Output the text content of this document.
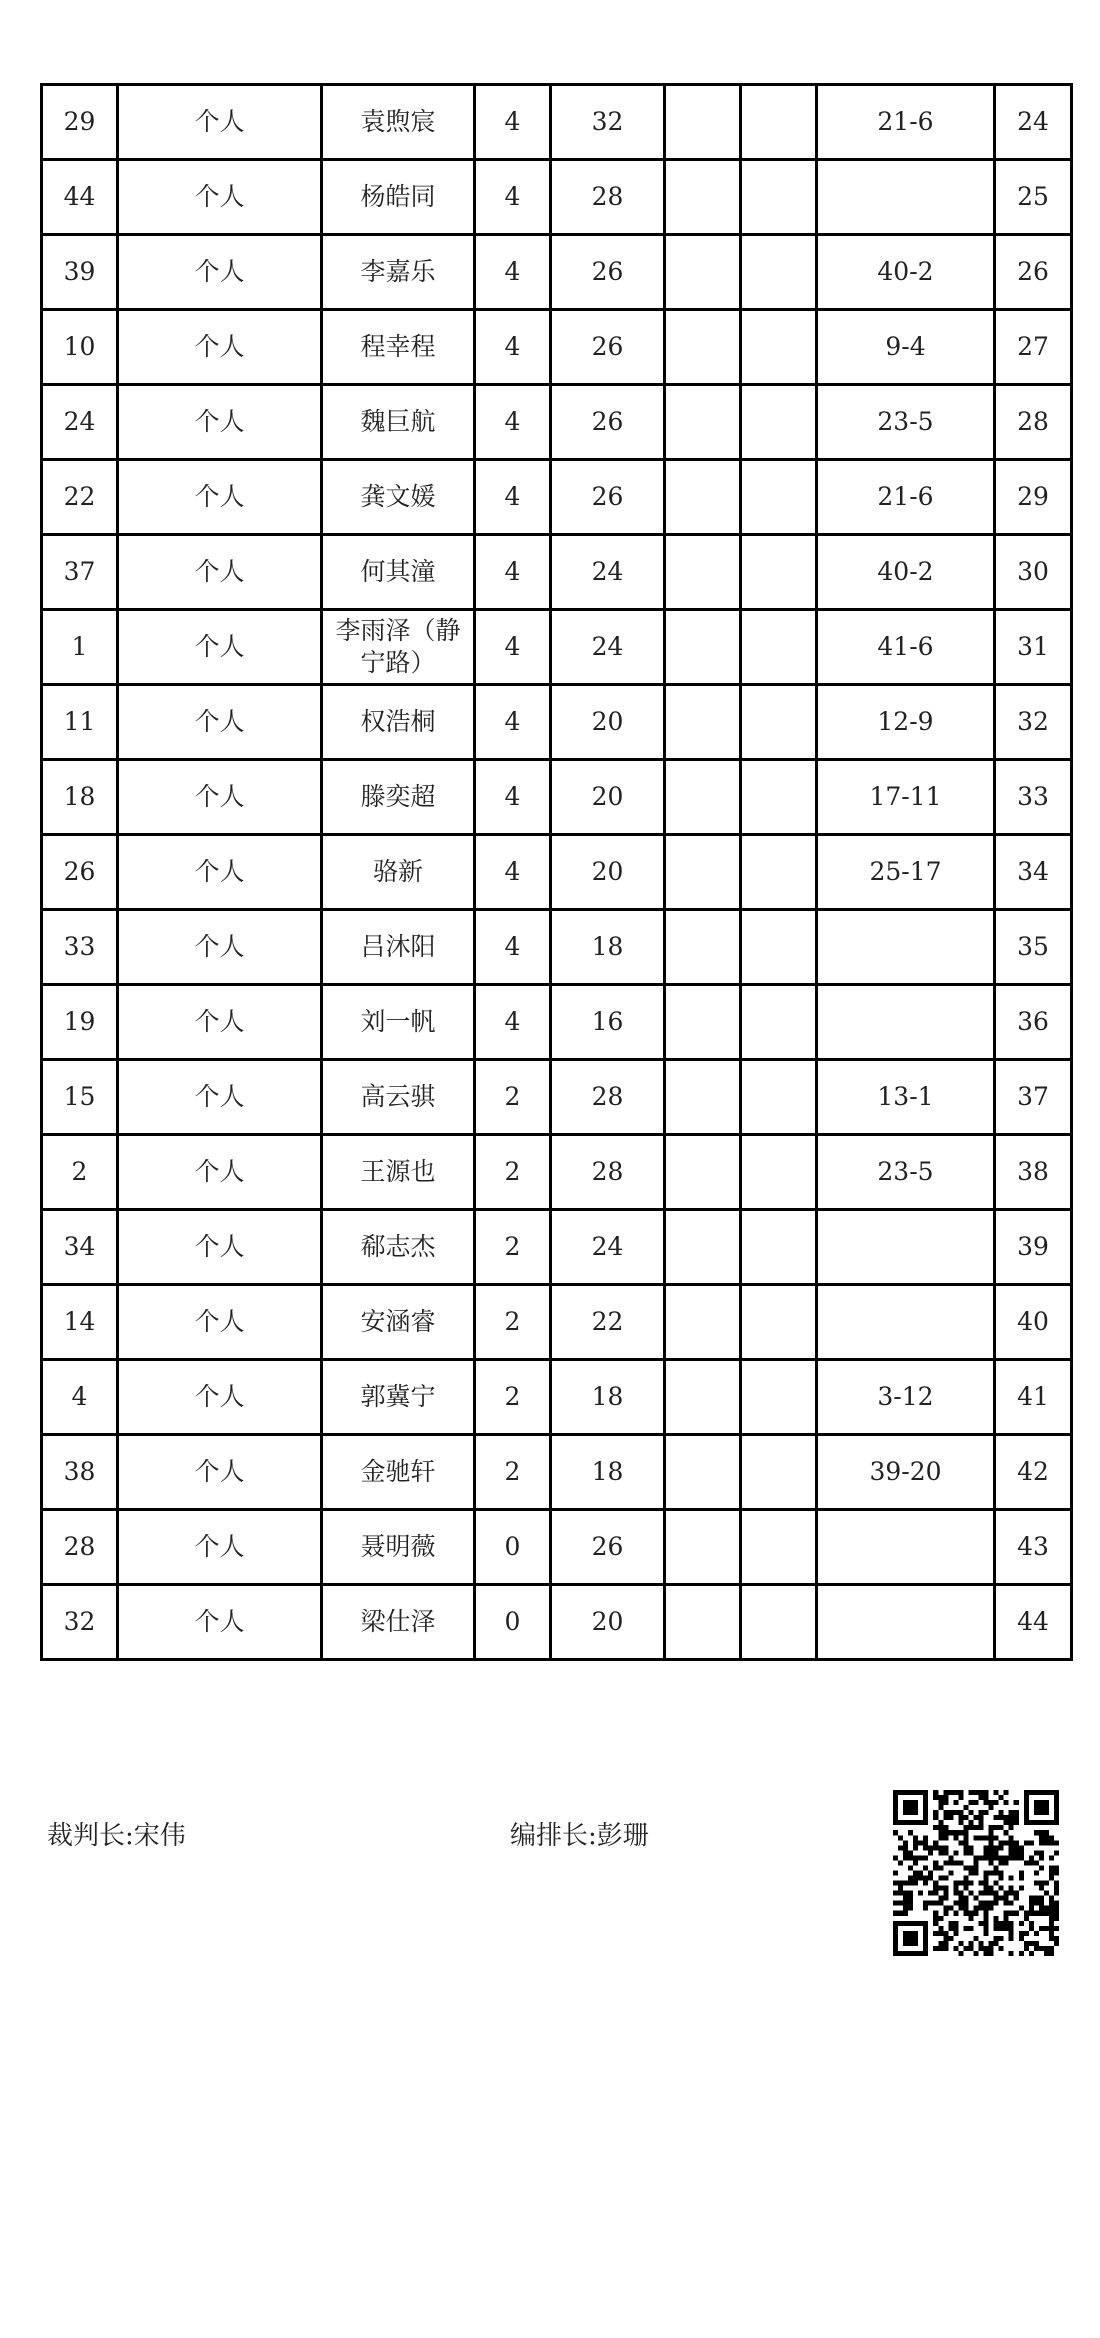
29	个人	袁煦宸	4	32			21-6	24
44	个人	杨皓同	4	28				25
39	个人	李嘉乐	4	26			40-2	26
10	个人	程幸程	4	26			9-4	27
24	个人	魏巨航	4	26			23-5	28
22	个人	龚文媛	4	26			21-6	29
37	个人	何其潼	4	24			40-2	30
1	个人	李雨泽（静宁路）	4	24			41-6	31
11	个人	权浩桐	4	20			12-9	32
18	个人	滕奕超	4	20			17-11	33
26	个人	骆新	4	20			25-17	34
33	个人	吕沐阳	4	18				35
19	个人	刘一帆	4	16				36
15	个人	高云骐	2	28			13-1	37
2	个人	王源也	2	28			23-5	38
34	个人	郗志杰	2	24				39
14	个人	安涵睿	2	22				40
4	个人	郭冀宁	2	18			3-12	41
38	个人	金驰轩	2	18			39-20	42
28	个人	聂明薇	0	26				43
32	个人	梁仕泽	0	20				44
裁判长:宋伟	编排长:彭珊
